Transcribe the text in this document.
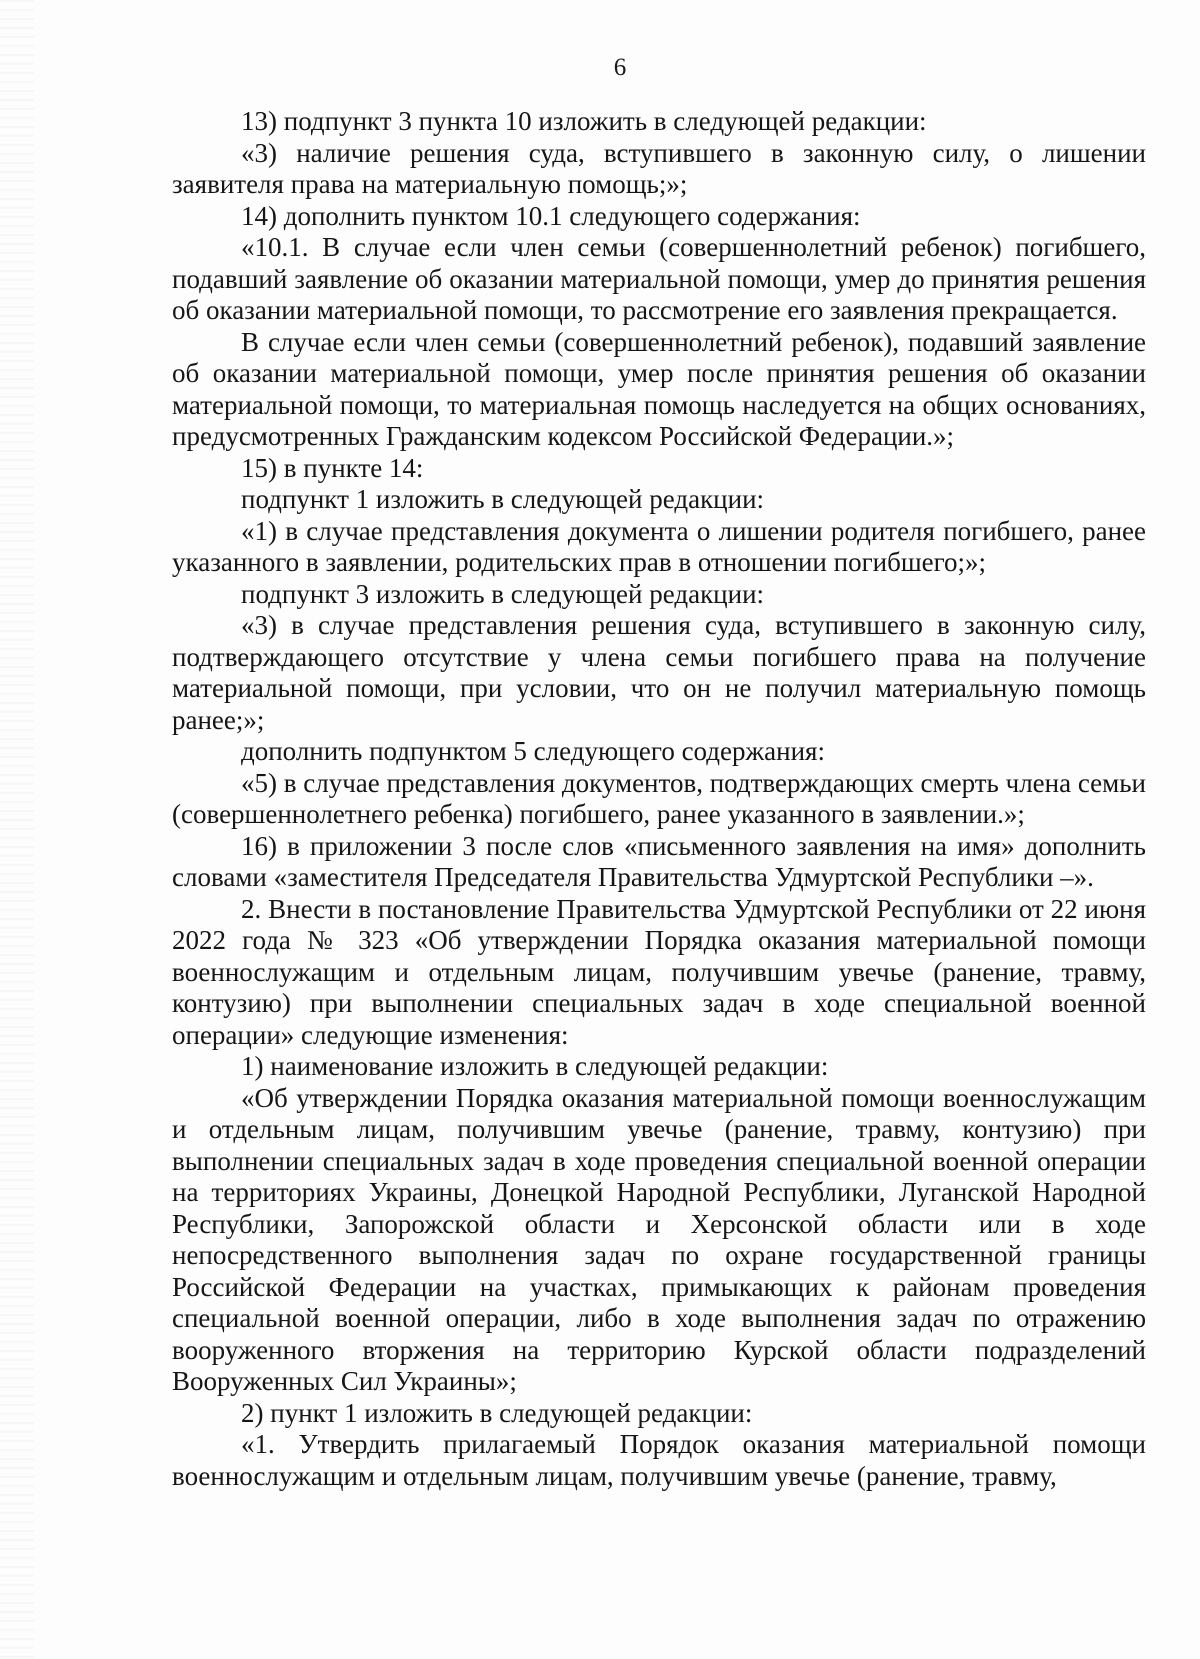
6

13) подпункт 3 пункта 10 изложить в следующей редакции:

«3) наличие решения суда, вступившего в законную силу, о лишении заявителя права на материальную помощь;»;

14) дополнить пунктом 10.1 следующего содержания:

«10.1. В случае если член семьи (совершеннолетний ребенок) погибшего, подавший заявление об оказании материальной помощи, умер до принятия решения об оказании материальной помощи, то рассмотрение его заявления прекращается.

В случае если член семьи (совершеннолетний ребенок), подавший заявление об оказании материальной помощи, умер после принятия решения об оказании материальной помощи, то материальная помощь наследуется на общих основаниях, предусмотренных Гражданским кодексом Российской Федерации.»;

15) в пункте 14:

подпункт 1 изложить в следующей редакции:

«1) в случае представления документа о лишении родителя погибшего, ранее указанного в заявлении, родительских прав в отношении погибшего;»;

подпункт 3 изложить в следующей редакции:

«3) в случае представления решения суда, вступившего в законную силу, подтверждающего отсутствие у члена семьи погибшего права на получение материальной помощи, при условии, что он не получил материальную помощь ранее;»;

дополнить подпунктом 5 следующего содержания:

«5) в случае представления документов, подтверждающих смерть члена семьи (совершеннолетнего ребенка) погибшего, ранее указанного в заявлении.»;

16) в приложении 3 после слов «письменного заявления на имя» дополнить словами «заместителя Председателя Правительства Удмуртской Республики –».

2. Внести в постановление Правительства Удмуртской Республики от 22 июня 2022 года № 323 «Об утверждении Порядка оказания материальной помощи военнослужащим и отдельным лицам, получившим увечье (ранение, травму, контузию) при выполнении специальных задач в ходе специальной военной операции» следующие изменения:

1) наименование изложить в следующей редакции:

«Об утверждении Порядка оказания материальной помощи военнослужащим и отдельным лицам, получившим увечье (ранение, травму, контузию) при выполнении специальных задач в ходе проведения специальной военной операции на территориях Украины, Донецкой Народной Республики, Луганской Народной Республики, Запорожской области и Херсонской области или в ходе непосредственного выполнения задач по охране государственной границы Российской Федерации на участках, примыкающих к районам проведения специальной военной операции, либо в ходе выполнения задач по отражению вооруженного вторжения на территорию Курской области подразделений Вооруженных Сил Украины»;

2) пункт 1 изложить в следующей редакции:

«1. Утвердить прилагаемый Порядок оказания материальной помощи военнослужащим и отдельным лицам, получившим увечье (ранение, травму,
